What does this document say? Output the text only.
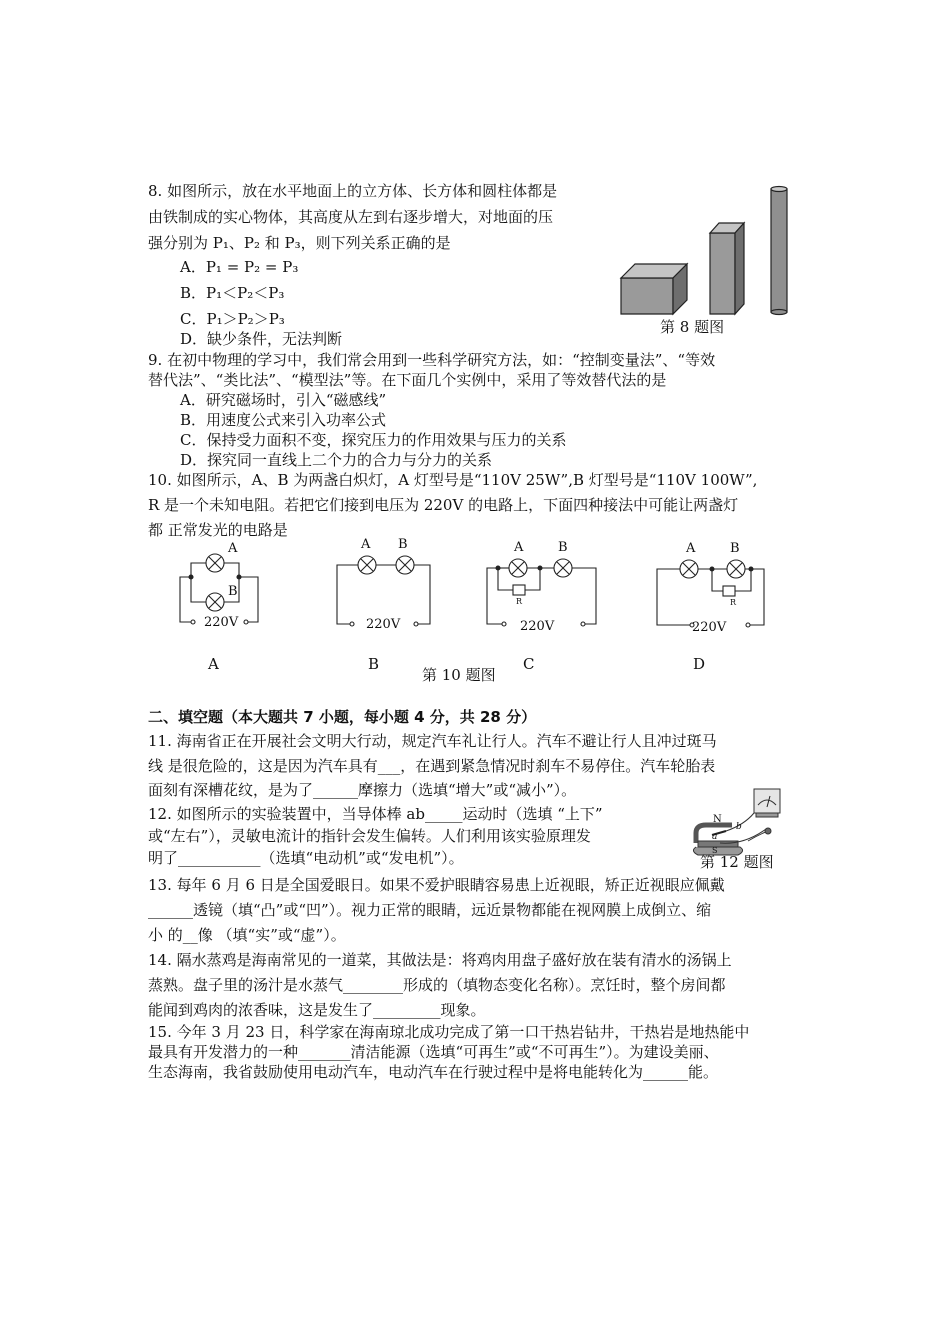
8. 如图所示，放在水平地面上的立方体、长方体和圆柱体都是
由铁制成的实心物体，其高度从左到右逐步增大，对地面的压
强分别为 P₁、P₂ 和 P₃，则下列关系正确的是
A．P₁ = P₂ = P₃
B．P₁＜P₂＜P₃
C．P₁＞P₂＞P₃
D．缺少条件，无法判断
第 8 题图
9. 在初中物理的学习中，我们常会用到一些科学研究方法，如：“控制变量法”、“等效
替代法”、“类比法”、“模型法”等。在下面几个实例中，采用了等效替代法的是
A．研究磁场时，引入“磁感线”
B．用速度公式来引入功率公式
C．保持受力面积不变，探究压力的作用效果与压力的关系
D．探究同一直线上二个力的合力与分力的关系
10. 如图所示，A、B 为两盏白炽灯，A 灯型号是“110V 25W”,B 灯型号是“110V 100W”,
R 是一个未知电阻。若把它们接到电压为 220V 的电路上，下面四种接法中可能让两盏灯
都 正常发光的电路是
A
B
220V
A B
220V
A	B
R
220V
A	B
R
220V
A	B	C	D
第 10 题图
二、填空题（本大题共 7 小题，每小题 4 分，共 28 分）
11. 海南省正在开展社会文明大行动，规定汽车礼让行人。汽车不避让行人且冲过斑马
线 是很危险的，这是因为汽车具有___，在遇到紧急情况时刹车不易停住。汽车轮胎表
面刻有深槽花纹，是为了______摩擦力（选填“增大”或“减小”）。
12. 如图所示的实验装置中，当导体棒 ab_____运动时（选填 “上下”
或“左右”），灵敏电流计的指针会发生偏转。人们利用该实验原理发
明了___________（选填“电动机”或“发电机”）。
N
a
b
S
第 12 题图
13. 每年 6 月 6 日是全国爱眼日。如果不爱护眼睛容易患上近视眼，矫正近视眼应佩戴
______透镜（填“凸”或“凹”）。视力正常的眼睛，远近景物都能在视网膜上成倒立、缩
小 的__像 （填“实”或“虚”）。
14. 隔水蒸鸡是海南常见的一道菜，其做法是：将鸡肉用盘子盛好放在装有清水的汤锅上
蒸熟。盘子里的汤汁是水蒸气________形成的（填物态变化名称）。烹饪时，整个房间都
能闻到鸡肉的浓香味，这是发生了_________现象。
15. 今年 3 月 23 日，科学家在海南琼北成功完成了第一口干热岩钻井，干热岩是地热能中
最具有开发潜力的一种_______清洁能源（选填“可再生”或“不可再生”）。为建设美丽、
生态海南，我省鼓励使用电动汽车，电动汽车在行驶过程中是将电能转化为______能。
